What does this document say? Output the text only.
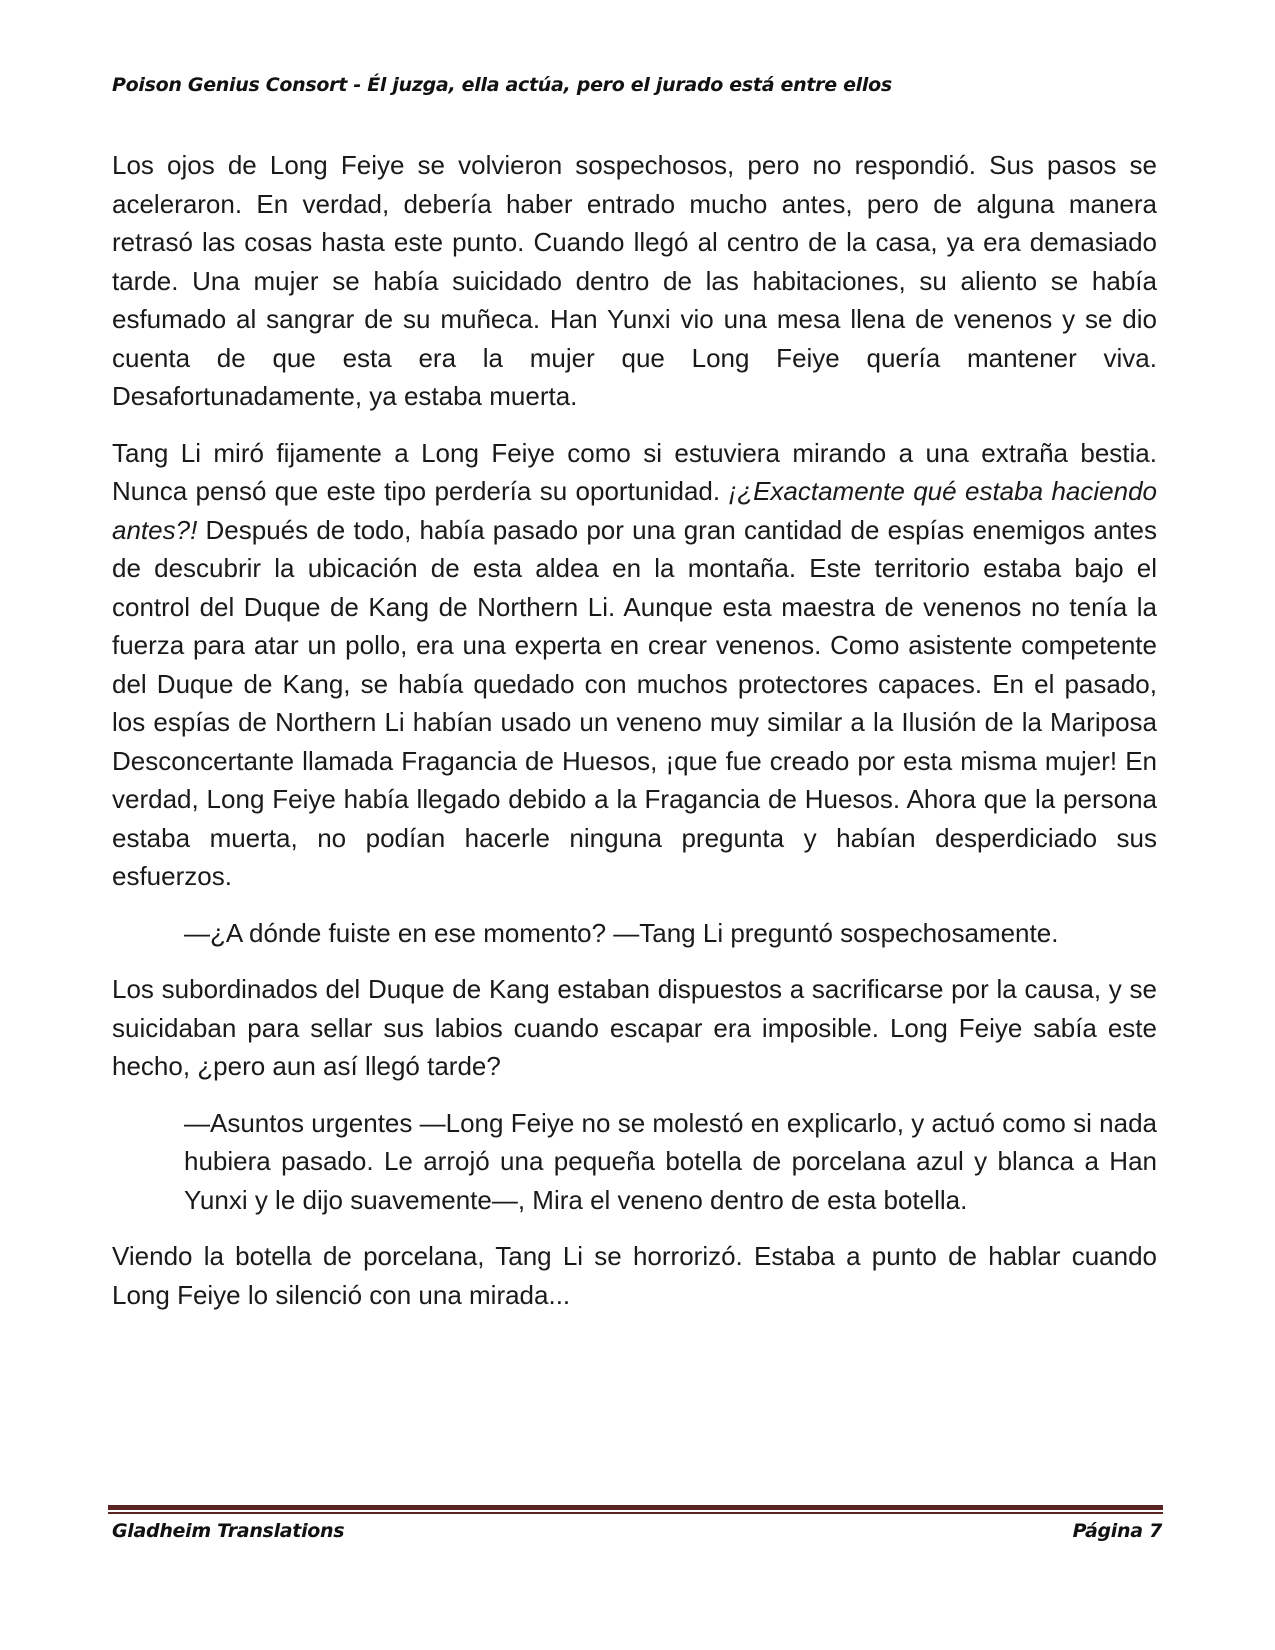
Poison Genius Consort - Él juzga, ella actúa, pero el jurado está entre ellos

Los ojos de Long Feiye se volvieron sospechosos, pero no respondió. Sus pasos se aceleraron. En verdad, debería haber entrado mucho antes, pero de alguna manera retrasó las cosas hasta este punto. Cuando llegó al centro de la casa, ya era demasiado tarde. Una mujer se había suicidado dentro de las habitaciones, su aliento se había esfumado al sangrar de su muñeca. Han Yunxi vio una mesa llena de venenos y se dio cuenta de que esta era la mujer que Long Feiye quería mantener viva. Desafortunadamente, ya estaba muerta.

Tang Li miró fijamente a Long Feiye como si estuviera mirando a una extraña bestia. Nunca pensó que este tipo perdería su oportunidad. ¡¿Exactamente qué estaba haciendo antes?! Después de todo, había pasado por una gran cantidad de espías enemigos antes de descubrir la ubicación de esta aldea en la montaña. Este territorio estaba bajo el control del Duque de Kang de Northern Li. Aunque esta maestra de venenos no tenía la fuerza para atar un pollo, era una experta en crear venenos. Como asistente competente del Duque de Kang, se había quedado con muchos protectores capaces. En el pasado, los espías de Northern Li habían usado un veneno muy similar a la Ilusión de la Mariposa Desconcertante llamada Fragancia de Huesos, ¡que fue creado por esta misma mujer! En verdad, Long Feiye había llegado debido a la Fragancia de Huesos. Ahora que la persona estaba muerta, no podían hacerle ninguna pregunta y habían desperdiciado sus esfuerzos.

—¿A dónde fuiste en ese momento? —Tang Li preguntó sospechosamente.

Los subordinados del Duque de Kang estaban dispuestos a sacrificarse por la causa, y se suicidaban para sellar sus labios cuando escapar era imposible. Long Feiye sabía este hecho, ¿pero aun así llegó tarde?

—Asuntos urgentes —Long Feiye no se molestó en explicarlo, y actuó como si nada hubiera pasado. Le arrojó una pequeña botella de porcelana azul y blanca a Han Yunxi y le dijo suavemente—, Mira el veneno dentro de esta botella.

Viendo la botella de porcelana, Tang Li se horrorizó. Estaba a punto de hablar cuando Long Feiye lo silenció con una mirada...

Gladheim Translations	Página 7
